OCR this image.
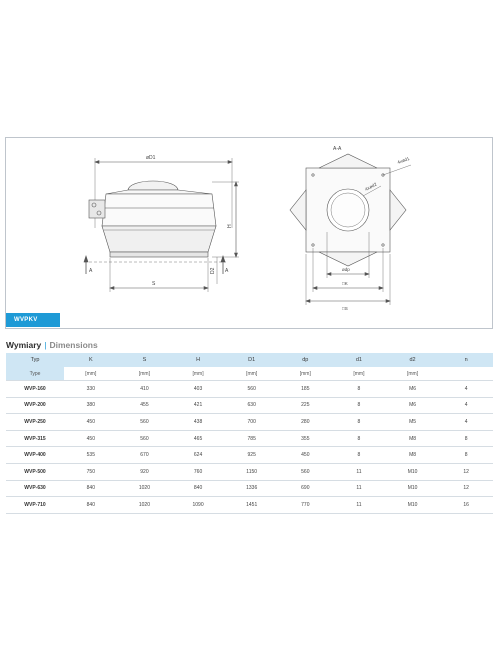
øD1
S
H
D2
A	A
A-A
4xød1
4xød2
ødp
□K
□S
WVPKV
Wymiary | Dimensions
Typ	K	S	H	D1	dp	d1	d2	n
Type	[mm]	[mm]	[mm]	[mm]	[mm]	[mm]	[mm]	
WVP-160	330	410	403	560	185	8	M6	4
WVP-200	380	455	421	630	225	8	M6	4
WVP-250	450	560	438	700	280	8	M5	4
WVP-315	450	560	465	785	355	8	M8	8
WVP-400	535	670	624	925	450	8	M8	8
WVP-500	750	920	760	1150	560	11	M10	12
WVP-630	840	1020	840	1336	690	11	M10	12
WVP-710	840	1020	1090	1451	770	11	M10	16
